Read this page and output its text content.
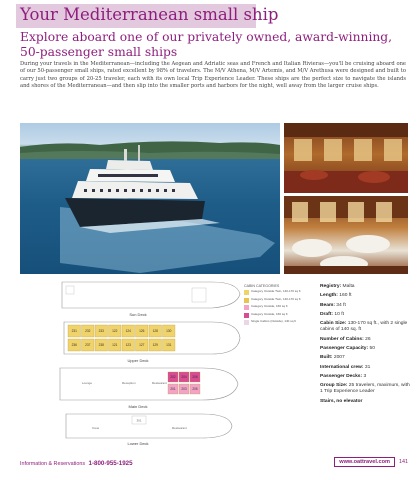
Your Mediterranean small ship
Explore aboard one of our privately owned, award-winning, 50-passenger small ships

During your travels in the Mediterranean—including the Aegean and Adriatic seas and French and Italian Rivieras—you'll be cruising aboard one of our 50-passenger small ships, rated excellent by 98% of travelers. The M/V Athena, M/V Artemis, and M/V Arethusa were designed and built to carry just two groups of 20-25 traveler, each with its own local Trip Experience Leader. These ships are the perfect size to navigate the islands and shores of the Mediterranean—and then slip into the smaller ports and harbors for the night, well away from the larger cruise ships.

Sun Deck
231	232	233	122	124	126	128	130
236	237	238	121	123	127	129	131
Upper Deck
Lounge	Reception	Restaurant
202 204 206
201 203 205
Main Deck
301
Crew	Restaurant
Lower Deck
CABIN CATEGORIES
Category Outside Twin, 140-170 sq ft
Category Outside Twin, 140-170 sq ft
Category Outside, 160 sq ft
Category Outside, 160 sq ft
Single Cabins (Outside), 140 sq ft
Registry: Malta
Length: 160 ft
Beam: 34 ft
Draft: 10 ft
Cabin Size: 130-170 sq ft., with 2 single cabins of 140 sq. ft
Number of Cabins: 26
Passenger Capacity: 50
Built: 2007
International crew: 31
Passenger Decks: 3
Group Size: 25 travelers, maximum, with 1 Trip Experience Leader
Stairs, no elevator
Information & Reservations 1-800-955-1925	www.oattravel.com	141
